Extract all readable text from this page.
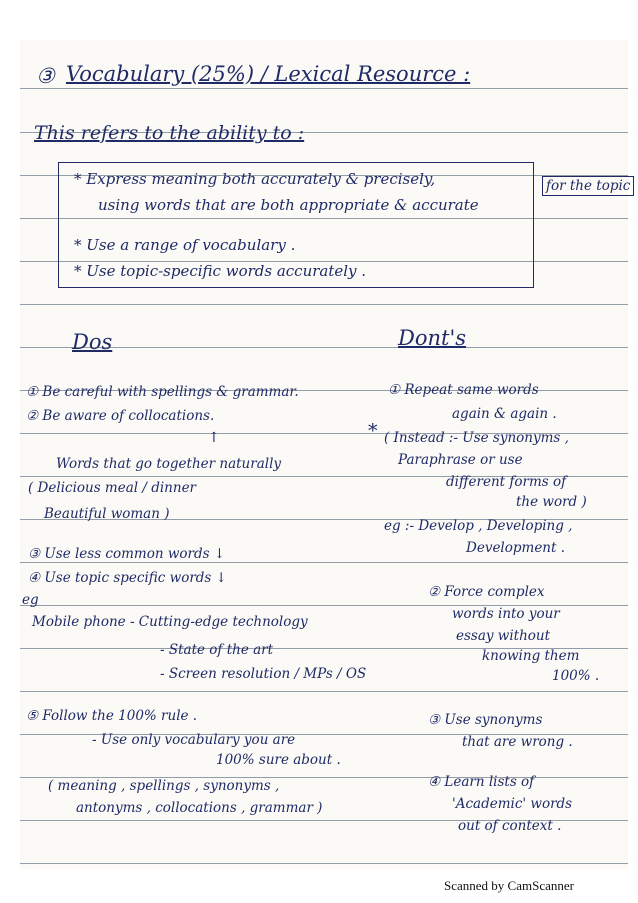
③ Vocabulary (25%) / Lexical Resource :
This refers to the ability to :
* Express meaning both accurately & precisely,
using words that are both appropriate & accurate
for the topic
* Use a range of vocabulary .
* Use topic-specific words accurately .
Dos	Dont's
① Be careful with spellings & grammar.
② Be aware of collocations.
↑
Words that go together naturally
( Delicious meal / dinner
Beautiful woman )
③ Use less common words ↓
④ Use topic specific words ↓
eg
Mobile phone - Cutting-edge technology
- State of the art
- Screen resolution / MPs / OS
⑤ Follow the 100% rule .
- Use only vocabulary you are
100% sure about .
( meaning , spellings , synonyms ,
antonyms , collocations , grammar )
① Repeat same words
again & again .
* ( Instead :- Use synonyms ,
Paraphrase or use
different forms of
the word )
eg :- Develop , Developing ,
Development .
② Force complex
words into your
essay without
knowing them
100% .
③ Use synonyms
that are wrong .
④ Learn lists of
'Academic' words
out of context .
Scanned by CamScanner
